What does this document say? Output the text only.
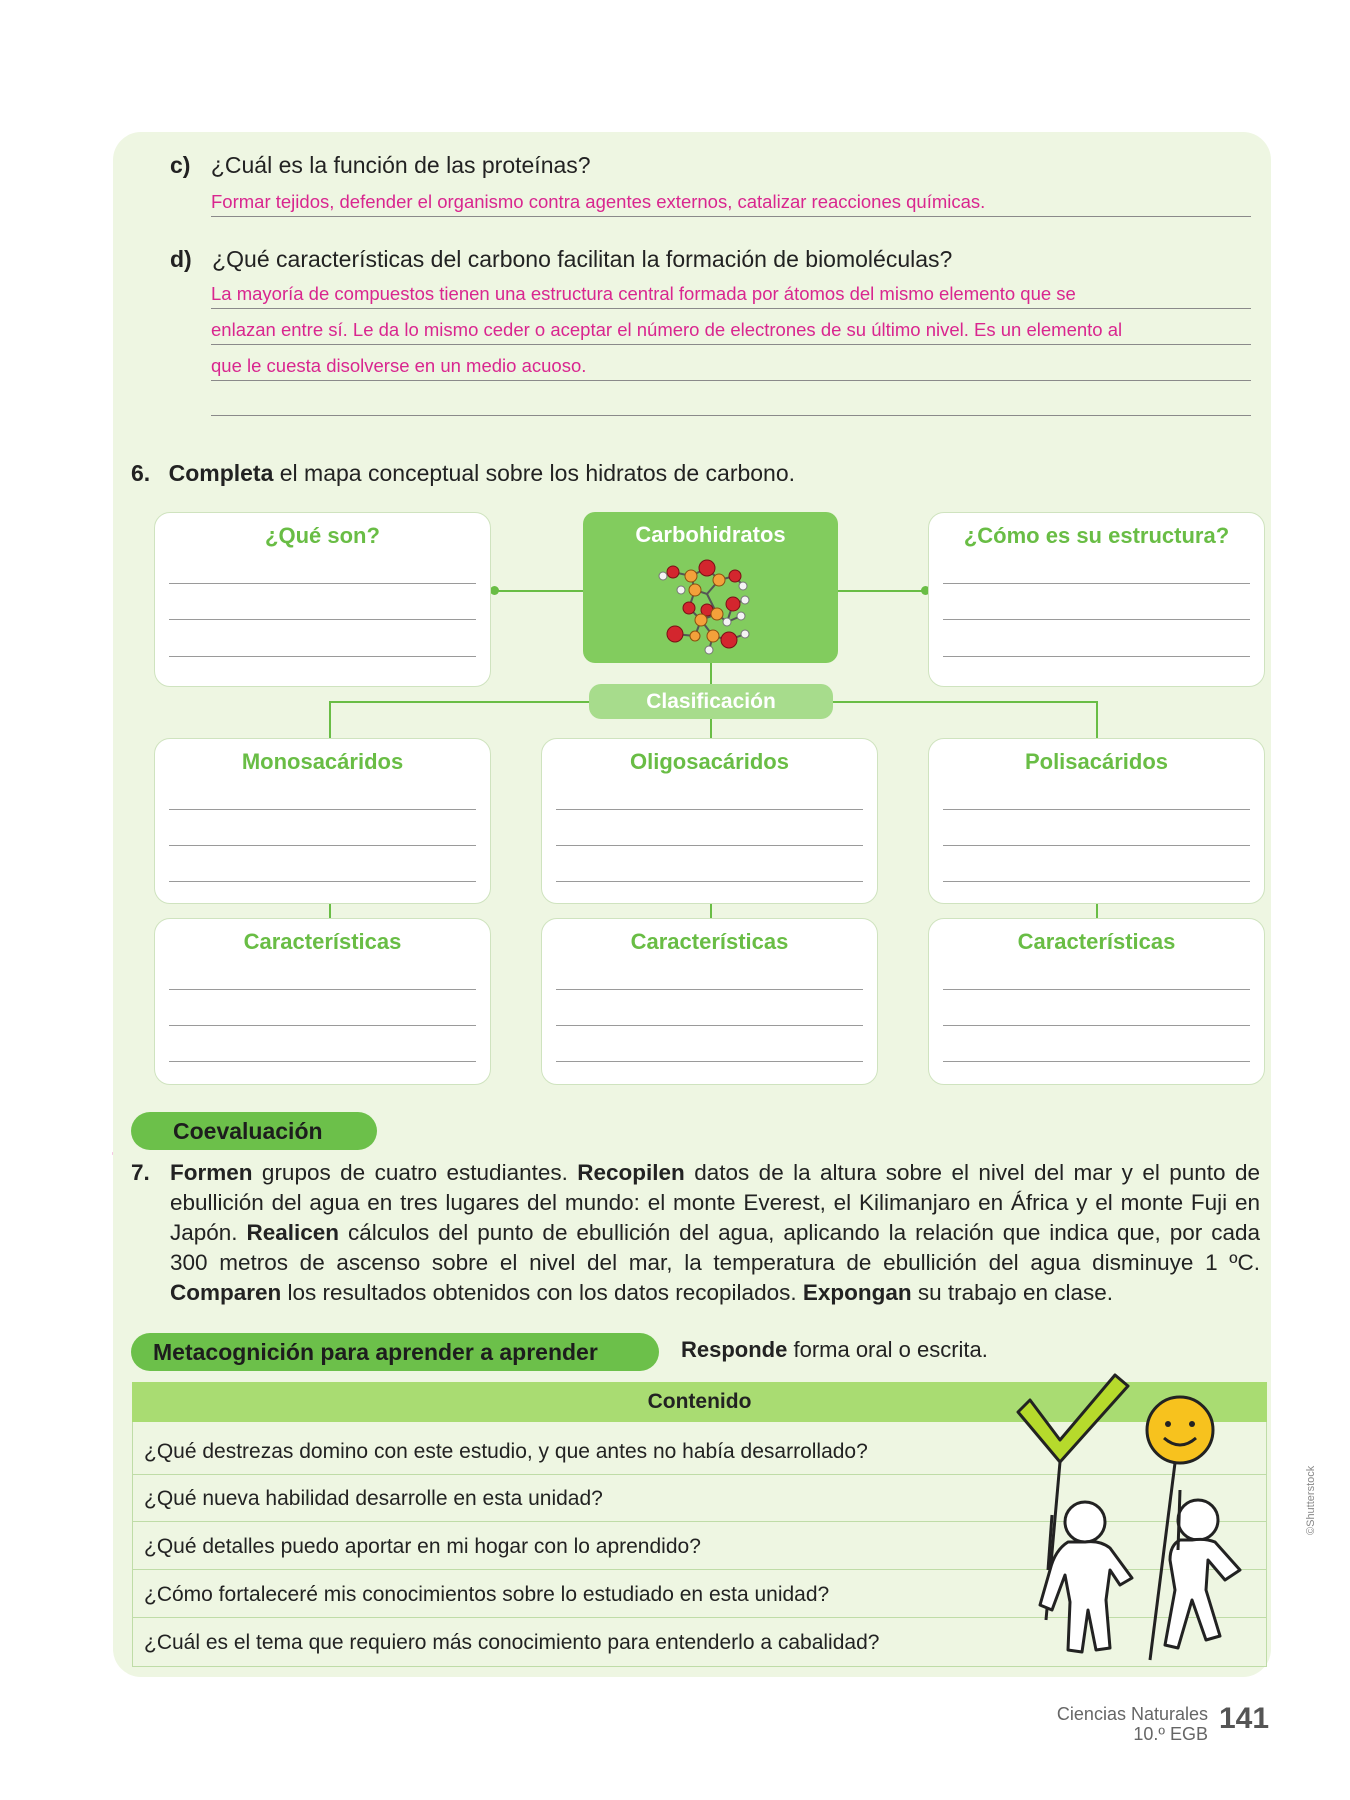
c) ¿Cuál es la función de las proteínas?
Formar tejidos, defender el organismo contra agentes externos, catalizar reacciones químicas.
d) ¿Qué características del carbono facilitan la formación de biomoléculas?
La mayoría de compuestos tienen una estructura central formada por átomos del mismo elemento que se
enlazan entre sí. Le da lo mismo ceder o aceptar el número de electrones de su último nivel. Es un elemento al
que le cuesta disolverse en un medio acuoso.
6. Completa el mapa conceptual sobre los hidratos de carbono.
¿Qué son?	Carbohidratos	¿Cómo es su estructura?
Clasificación
Monosacáridos	Oligosacáridos	Polisacáridos
Características	Características	Características
Coevaluación
7. Formen grupos de cuatro estudiantes. Recopilen datos de la altura sobre el nivel del mar y el punto de ebullición del agua en tres lugares del mundo: el monte Everest, el Kilimanjaro en África y el monte Fuji en Japón. Realicen cálculos del punto de ebullición del agua, aplicando la relación que indica que, por cada 300 metros de ascenso sobre el nivel del mar, la temperatura de ebullición del agua disminuye 1 ºC. Comparen los resultados obtenidos con los datos recopilados. Expongan su trabajo en clase.
Metacognición para aprender a aprender	Responde forma oral o escrita.
Contenido
¿Qué destrezas domino con este estudio, y que antes no había desarrollado?
¿Qué nueva habilidad desarrolle en esta unidad?
¿Qué detalles puedo aportar en mi hogar con lo aprendido?
¿Cómo fortaleceré mis conocimientos sobre lo estudiado en esta unidad?
¿Cuál es el tema que requiero más conocimiento para entenderlo a cabalidad?
©Shutterstock
Ciencias Naturales
10.º EGB 141
